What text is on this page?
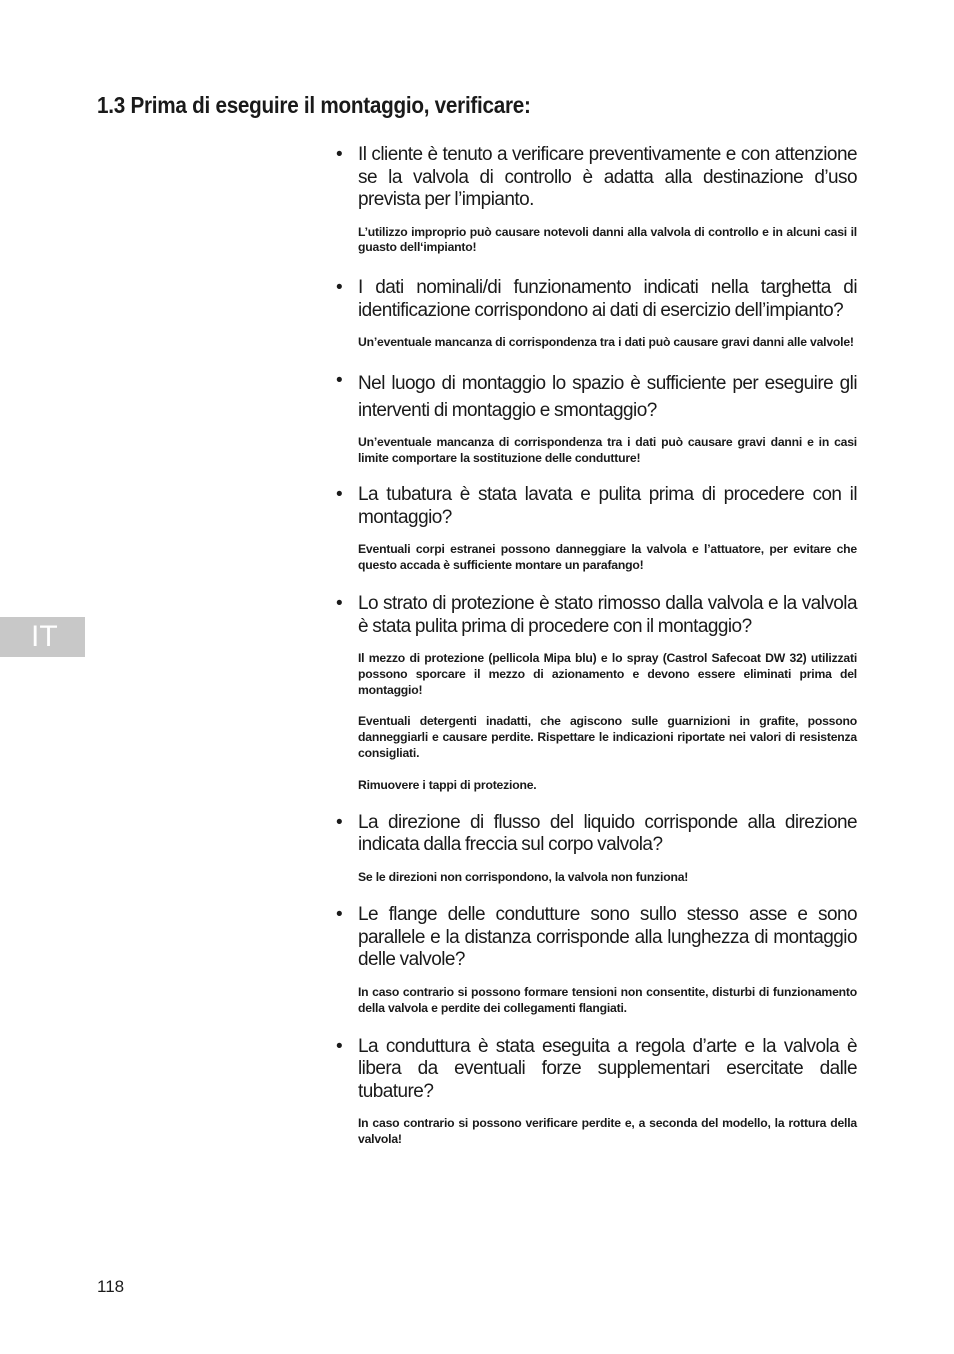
1.3 Prima di eseguire il montaggio, verificare:
IT
• Il cliente è tenuto a verificare preventivamente e con attenzione se la valvola di controllo è adatta alla destinazione d’uso prevista per l’impianto.

L’utilizzo improprio può causare notevoli danni alla valvola di controllo e in alcuni casi il guasto dell‘impianto!

• I dati nominali/di funzionamento indicati nella targhetta di identificazione corrispondono ai dati di esercizio dell’impianto?

Un’eventuale mancanza di corrispondenza tra i dati può causare gravi danni alle valvole!

• Nel luogo di montaggio lo spazio è sufficiente per eseguire gli interventi di montaggio e smontaggio?

Un’eventuale mancanza di corrispondenza tra i dati può causare gravi danni e in casi limite comportare la sostituzione delle condutture!

• La tubatura è stata lavata e pulita prima di procedere con il montaggio?

Eventuali corpi estranei possono danneggiare la valvola e l’attuatore, per evitare che questo accada è sufficiente montare un parafango!

• Lo strato di protezione è stato rimosso dalla valvola e la valvola è stata pulita prima di procedere con il montaggio?

Il mezzo di protezione (pellicola Mipa blu) e lo spray (Castrol Safecoat DW 32) utilizzati possono sporcare il mezzo di azionamento e devono essere eliminati prima del montaggio!

Eventuali detergenti inadatti, che agiscono sulle guarnizioni in grafite, possono danneggiarli e causare perdite. Rispettare le indicazioni riportate nei valori di resistenza consigliati.

Rimuovere i tappi di protezione.

• La direzione di flusso del liquido corrisponde alla direzione indicata dalla freccia sul corpo valvola?

Se le direzioni non corrispondono, la valvola non funziona!

• Le flange delle condutture sono sullo stesso asse e sono parallele e la distanza corrisponde alla lunghezza di montaggio delle valvole?

In caso contrario si possono formare tensioni non consentite, disturbi di funzionamento della valvola e perdite dei collegamenti flangiati.

• La conduttura è stata eseguita a regola d’arte e la valvola è libera da eventuali forze supplementari esercitate dalle tubature?

In caso contrario si possono verificare perdite e, a seconda del modello, la rottura della valvola!

118
